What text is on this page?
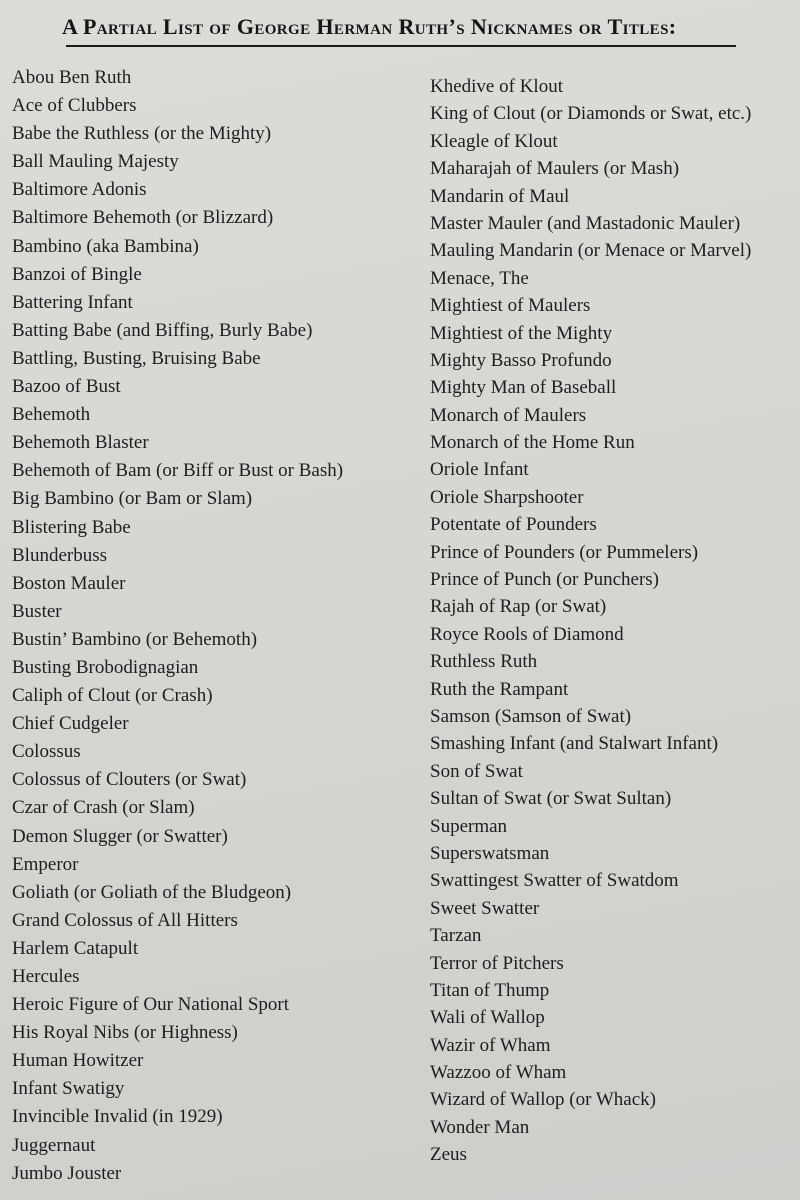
A Partial List of George Herman Ruth’s Nicknames or Titles:
Abou Ben Ruth
Ace of Clubbers
Babe the Ruthless (or the Mighty)
Ball Mauling Majesty
Baltimore Adonis
Baltimore Behemoth (or Blizzard)
Bambino (aka Bambina)
Banzoi of Bingle
Battering Infant
Batting Babe (and Biffing, Burly Babe)
Battling, Busting, Bruising Babe
Bazoo of Bust
Behemoth
Behemoth Blaster
Behemoth of Bam (or Biff or Bust or Bash)
Big Bambino (or Bam or Slam)
Blistering Babe
Blunderbuss
Boston Mauler
Buster
Bustin’ Bambino (or Behemoth)
Busting Brobodignagian
Caliph of Clout (or Crash)
Chief Cudgeler
Colossus
Colossus of Clouters (or Swat)
Czar of Crash (or Slam)
Demon Slugger (or Swatter)
Emperor
Goliath (or Goliath of the Bludgeon)
Grand Colossus of All Hitters
Harlem Catapult
Hercules
Heroic Figure of Our National Sport
His Royal Nibs (or Highness)
Human Howitzer
Infant Swatigy
Invincible Invalid (in 1929)
Juggernaut
Jumbo Jouster
Khedive of Klout
King of Clout (or Diamonds or Swat, etc.)
Kleagle of Klout
Maharajah of Maulers (or Mash)
Mandarin of Maul
Master Mauler (and Mastadonic Mauler)
Mauling Mandarin (or Menace or Marvel)
Menace, The
Mightiest of Maulers
Mightiest of the Mighty
Mighty Basso Profundo
Mighty Man of Baseball
Monarch of Maulers
Monarch of the Home Run
Oriole Infant
Oriole Sharpshooter
Potentate of Pounders
Prince of Pounders (or Pummelers)
Prince of Punch (or Punchers)
Rajah of Rap (or Swat)
Royce Rools of Diamond
Ruthless Ruth
Ruth the Rampant
Samson (Samson of Swat)
Smashing Infant (and Stalwart Infant)
Son of Swat
Sultan of Swat (or Swat Sultan)
Superman
Superswatsman
Swattingest Swatter of Swatdom
Sweet Swatter
Tarzan
Terror of Pitchers
Titan of Thump
Wali of Wallop
Wazir of Wham
Wazzoo of Wham
Wizard of Wallop (or Whack)
Wonder Man
Zeus
